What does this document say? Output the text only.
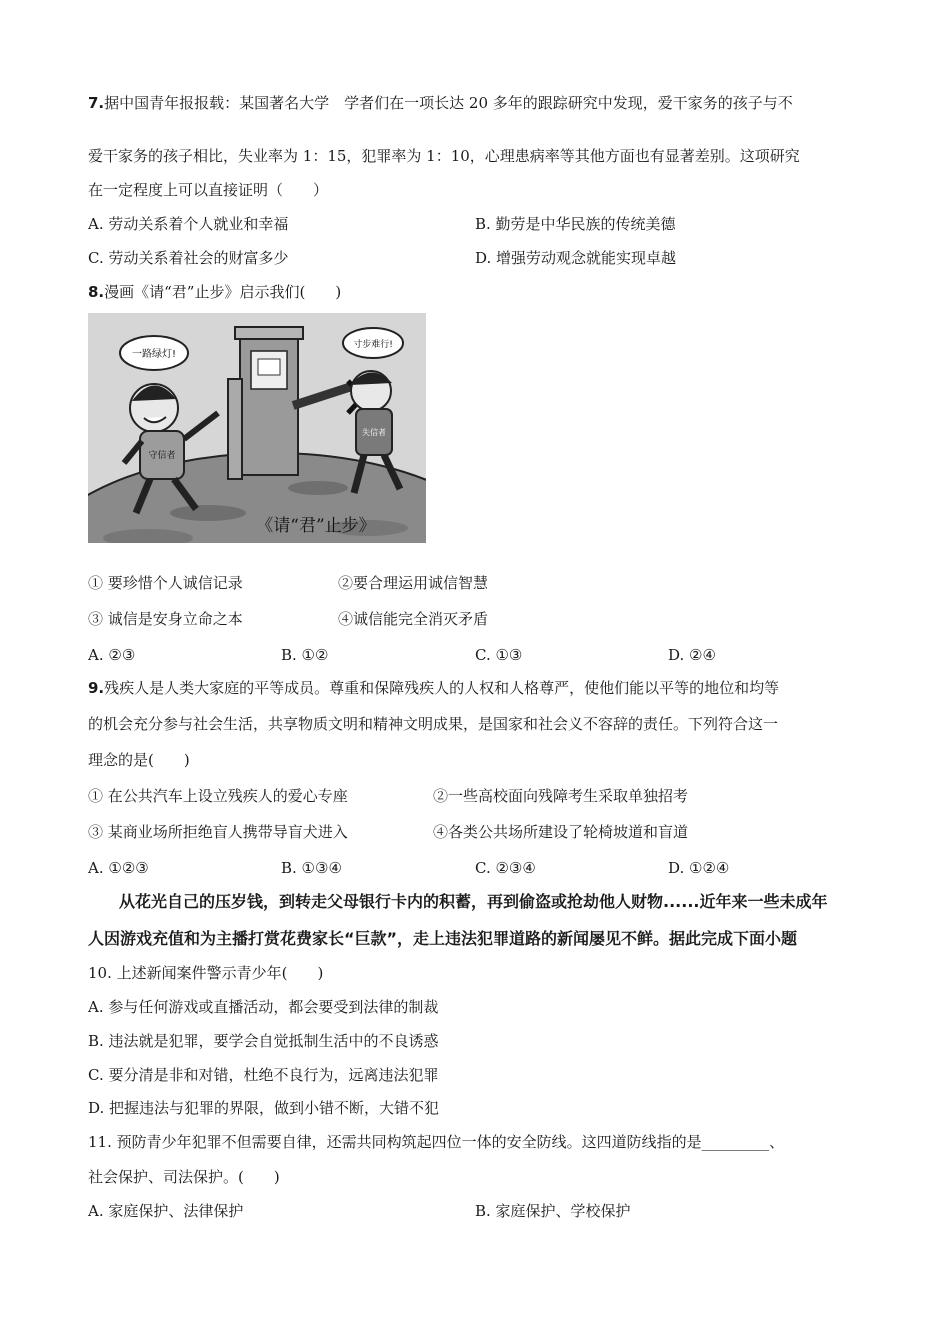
7.据中国青年报报载：某国著名大学　学者们在一项长达 20 多年的跟踪研究中发现，爱干家务的孩子与不
爱干家务的孩子相比，失业率为 1：15，犯罪率为 1：10，心理患病率等其他方面也有显著差别。这项研究
在一定程度上可以直接证明（　　）
A. 劳动关系着个人就业和幸福	B. 勤劳是中华民族的传统美德
C. 劳动关系着社会的财富多少	D. 增强劳动观念就能实现卓越
8.漫画《请“君”止步》启示我们(　　)
一路绿灯!
寸步难行!
守信者
失信者
《请“君”止步》
① 要珍惜个人诚信记录	②要合理运用诚信智慧
③ 诚信是安身立命之本	④诚信能完全消灭矛盾
A. ②③	B. ①②	C. ①③	D. ②④
9.残疾人是人类大家庭的平等成员。尊重和保障残疾人的人权和人格尊严，使他们能以平等的地位和均等
的机会充分参与社会生活，共享物质文明和精神文明成果，是国家和社会义不容辞的责任。下列符合这一
理念的是(　　)
① 在公共汽车上设立残疾人的爱心专座	②一些高校面向残障考生采取单独招考
③ 某商业场所拒绝盲人携带导盲犬进入	④各类公共场所建设了轮椅坡道和盲道
A. ①②③	B. ①③④	C. ②③④	D. ①②④
从花光自己的压岁钱，到转走父母银行卡内的积蓄，再到偷盗或抢劫他人财物......近年来一些未成年
人因游戏充值和为主播打赏花费家长“巨款”，走上违法犯罪道路的新闻屡见不鲜。据此完成下面小题
10. 上述新闻案件警示青少年(　　)
A. 参与任何游戏或直播活动，都会要受到法律的制裁
B. 违法就是犯罪，要学会自觉抵制生活中的不良诱惑
C. 要分清是非和对错，杜绝不良行为，远离违法犯罪
D. 把握违法与犯罪的界限，做到小错不断，大错不犯
11. 预防青少年犯罪不但需要自律，还需共同构筑起四位一体的安全防线。这四道防线指的是_________、
社会保护、司法保护。(　　)
A. 家庭保护、法律保护	B. 家庭保护、学校保护
